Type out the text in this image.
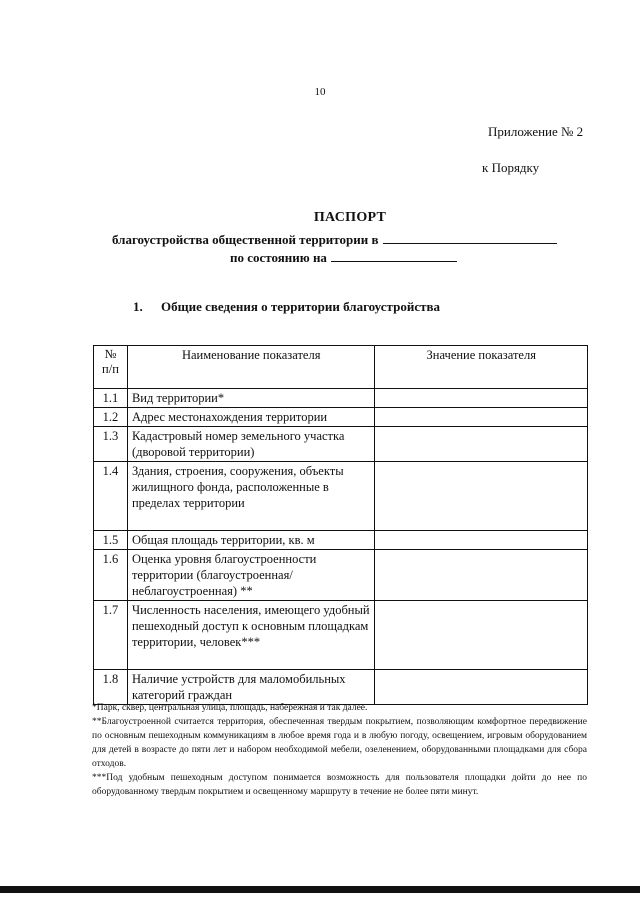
10
Приложение № 2
к Порядку
ПАСПОРТ
благоустройства общественной территории в
по состоянию на
1. Общие сведения о территории благоустройства
№ п/п	Наименование показателя	Значение показателя
1.1	Вид территории*	
1.2	Адрес местонахождения территории	
1.3	Кадастровый номер земельного участка (дворовой территории)	
1.4	Здания, строения, сооружения, объекты жилищного фонда, расположенные в пределах территории	
1.5	Общая площадь территории, кв. м	
1.6	Оценка уровня благоустроенности территории (благоустроенная/неблагоустроенная) **	
1.7	Численность населения, имеющего удобный пешеходный доступ к основным площадкам территории, человек***	
1.8	Наличие устройств для маломобильных категорий граждан	

*Парк, сквер, центральная улица, площадь, набережная и так далее.

**Благоустроенной считается территория, обеспеченная твердым покрытием, позволяющим комфортное передвижение по основным пешеходным коммуникациям в любое время года и в любую погоду, освещением, игровым оборудованием для детей в возрасте до пяти лет и набором необходимой мебели, озеленением, оборудованными площадками для сбора отходов.

***Под удобным пешеходным доступом понимается возможность для пользователя площадки дойти до нее по оборудованному твердым покрытием и освещенному маршруту в течение не более пяти минут.
